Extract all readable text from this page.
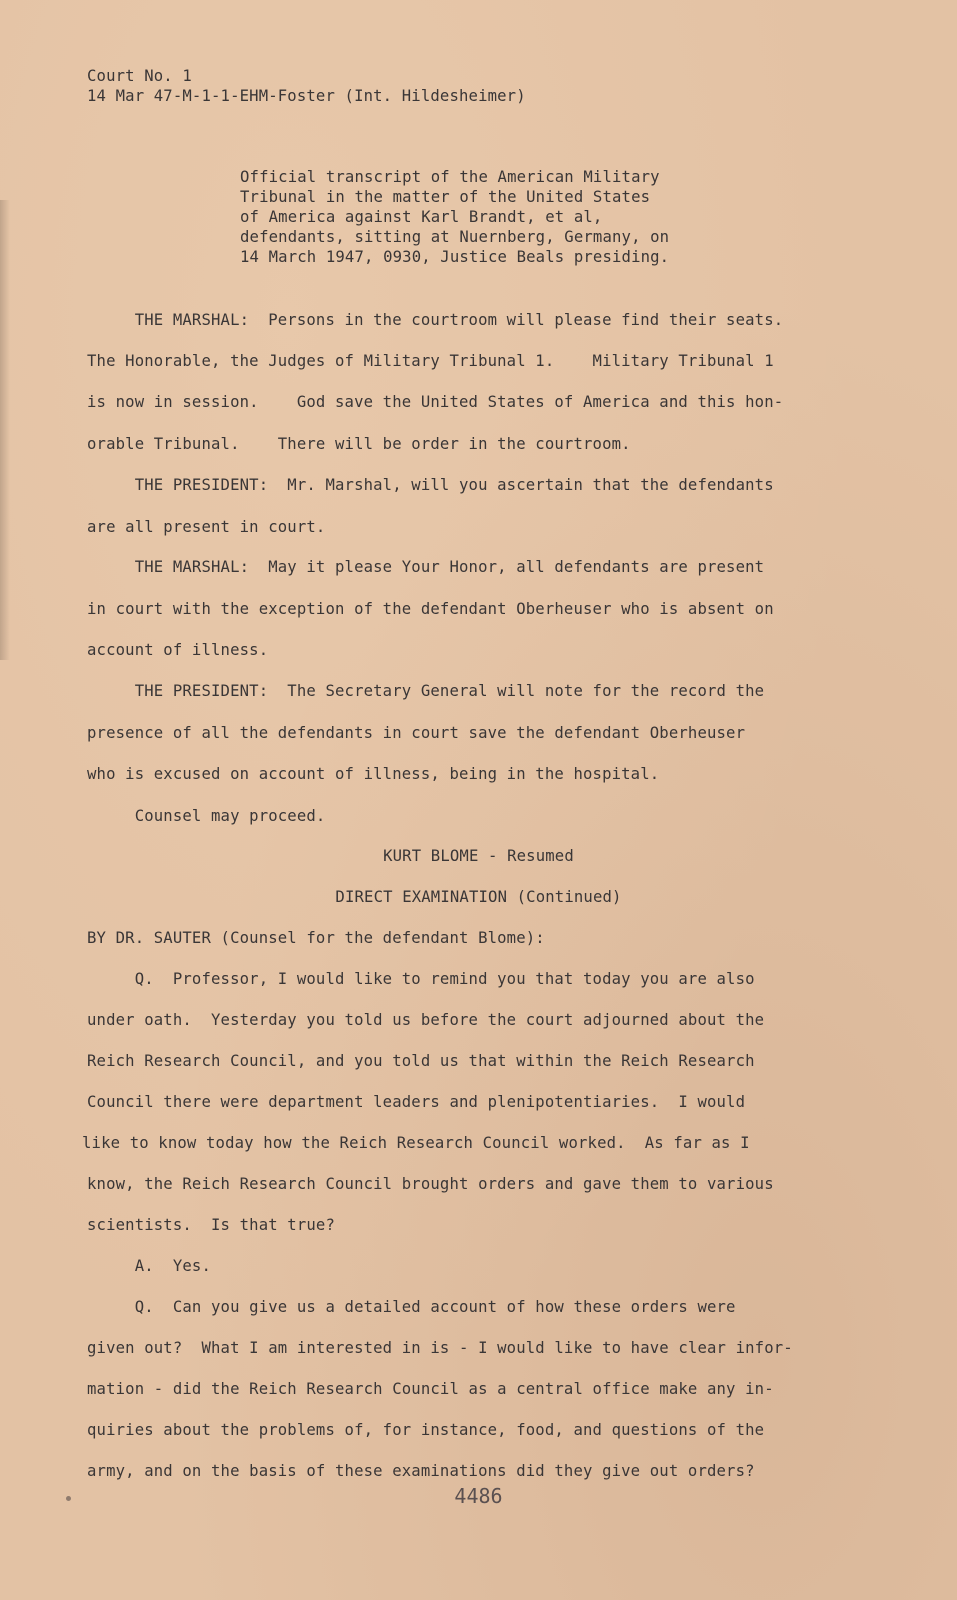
Court No. 1
14 Mar 47-M-1-1-EHM-Foster (Int. Hildesheimer)
Official transcript of the American Military
Tribunal in the matter of the United States
of America against Karl Brandt, et al,
defendants, sitting at Nuernberg, Germany, on
14 March 1947, 0930, Justice Beals presiding.
THE MARSHAL:  Persons in the courtroom will please find their seats.
The Honorable, the Judges of Military Tribunal 1.    Military Tribunal 1
is now in session.    God save the United States of America and this hon-
orable Tribunal.    There will be order in the courtroom.
THE PRESIDENT:  Mr. Marshal, will you ascertain that the defendants
are all present in court.
THE MARSHAL:  May it please Your Honor, all defendants are present
in court with the exception of the defendant Oberheuser who is absent on
account of illness.
THE PRESIDENT:  The Secretary General will note for the record the
presence of all the defendants in court save the defendant Oberheuser
who is excused on account of illness, being in the hospital.
Counsel may proceed.
KURT BLOME - Resumed
DIRECT EXAMINATION (Continued)
BY DR. SAUTER (Counsel for the defendant Blome):
Q.  Professor, I would like to remind you that today you are also
under oath.  Yesterday you told us before the court adjourned about the
Reich Research Council, and you told us that within the Reich Research
Council there were department leaders and plenipotentiaries.  I would
like to know today how the Reich Research Council worked.  As far as I
know, the Reich Research Council brought orders and gave them to various
scientists.  Is that true?
A.  Yes.
Q.  Can you give us a detailed account of how these orders were
given out?  What I am interested in is - I would like to have clear infor-
mation - did the Reich Research Council as a central office make any in-
quiries about the problems of, for instance, food, and questions of the
army, and on the basis of these examinations did they give out orders?
4486
